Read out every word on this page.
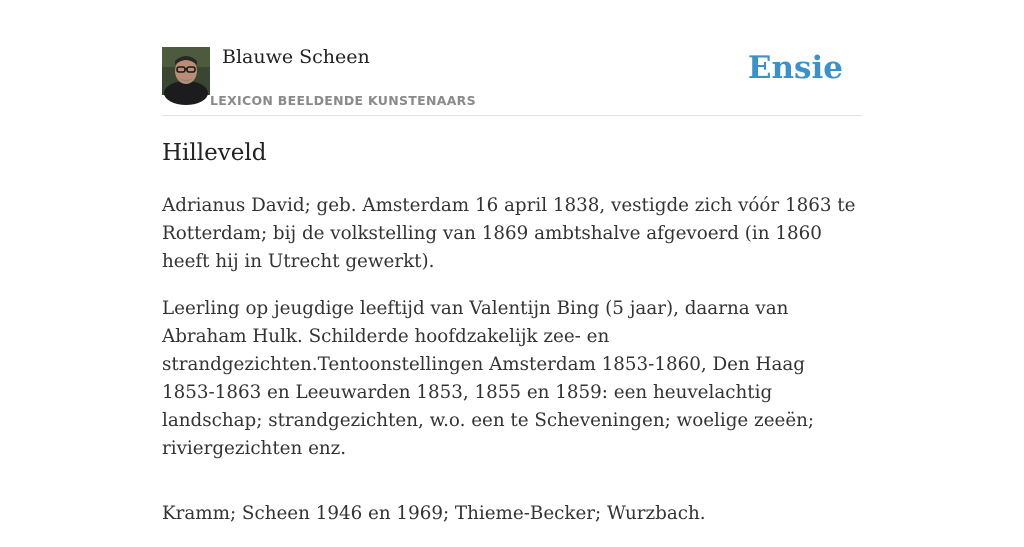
Blauwe Scheen
LEXICON BEELDENDE KUNSTENAARS
Ensie
Hilleveld

Adrianus David; geb. Amsterdam 16 april 1838, vestigde zich vóór 1863 te Rotterdam; bij de volkstelling van 1869 ambtshalve afgevoerd (in 1860 heeft hij in Utrecht gewerkt).

Leerling op jeugdige leeftijd van Valentijn Bing (5 jaar), daarna van Abraham Hulk. Schilderde hoofdzakelijk zee- en strandgezichten.Tentoonstellingen Amsterdam 1853-1860, Den Haag 1853-1863 en Leeuwarden 1853, 1855 en 1859: een heuvelachtig landschap; strandgezichten, w.o. een te Scheveningen; woelige zeeën; riviergezichten enz.

Kramm; Scheen 1946 en 1969; Thieme-Becker; Wurzbach.
